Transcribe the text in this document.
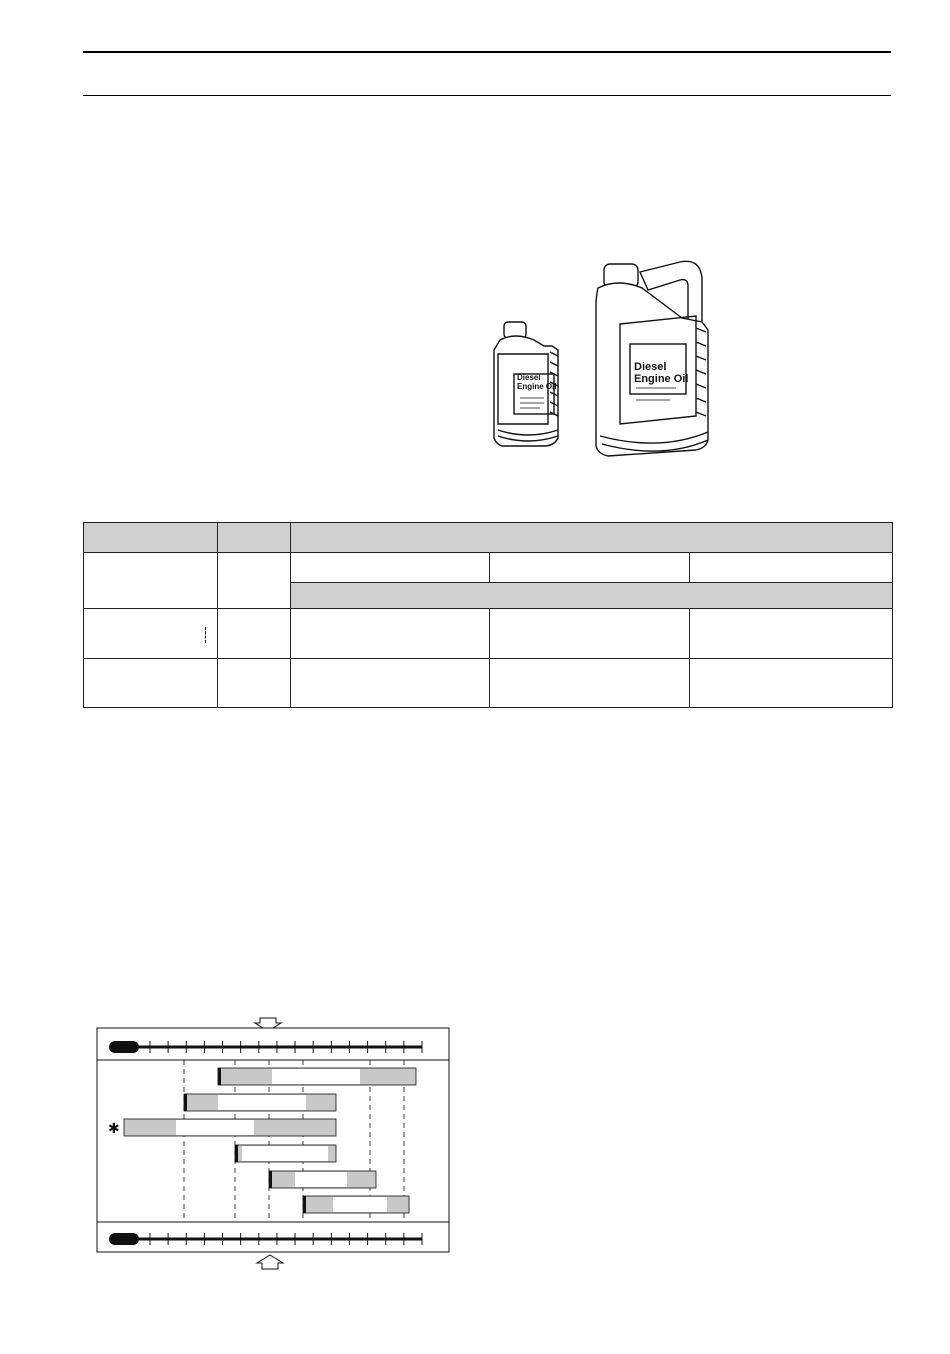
Diesel
Engine Oil
Diesel
Engine Oil

✱
